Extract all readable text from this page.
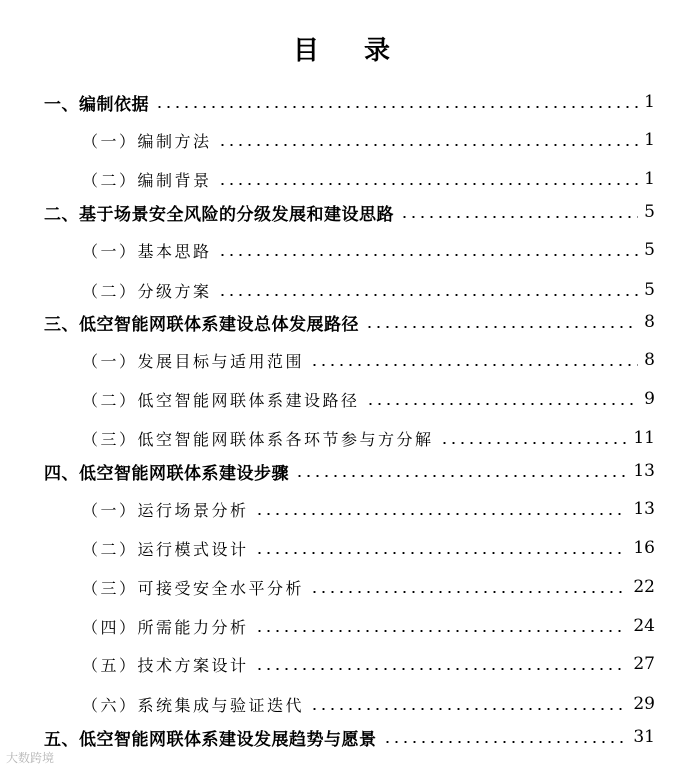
目 录
一、编制依据	1
（一）编制方法	1
（二）编制背景	1
二、基于场景安全风险的分级发展和建设思路	5
（一）基本思路	5
（二）分级方案	5
三、低空智能网联体系建设总体发展路径	8
（一）发展目标与适用范围	8
（二）低空智能网联体系建设路径	9
（三）低空智能网联体系各环节参与方分解	11
四、低空智能网联体系建设步骤	13
（一）运行场景分析	13
（二）运行模式设计	16
（三）可接受安全水平分析	22
（四）所需能力分析	24
（五）技术方案设计	27
（六）系统集成与验证迭代	29
五、低空智能网联体系建设发展趋势与愿景	31
大数跨境
